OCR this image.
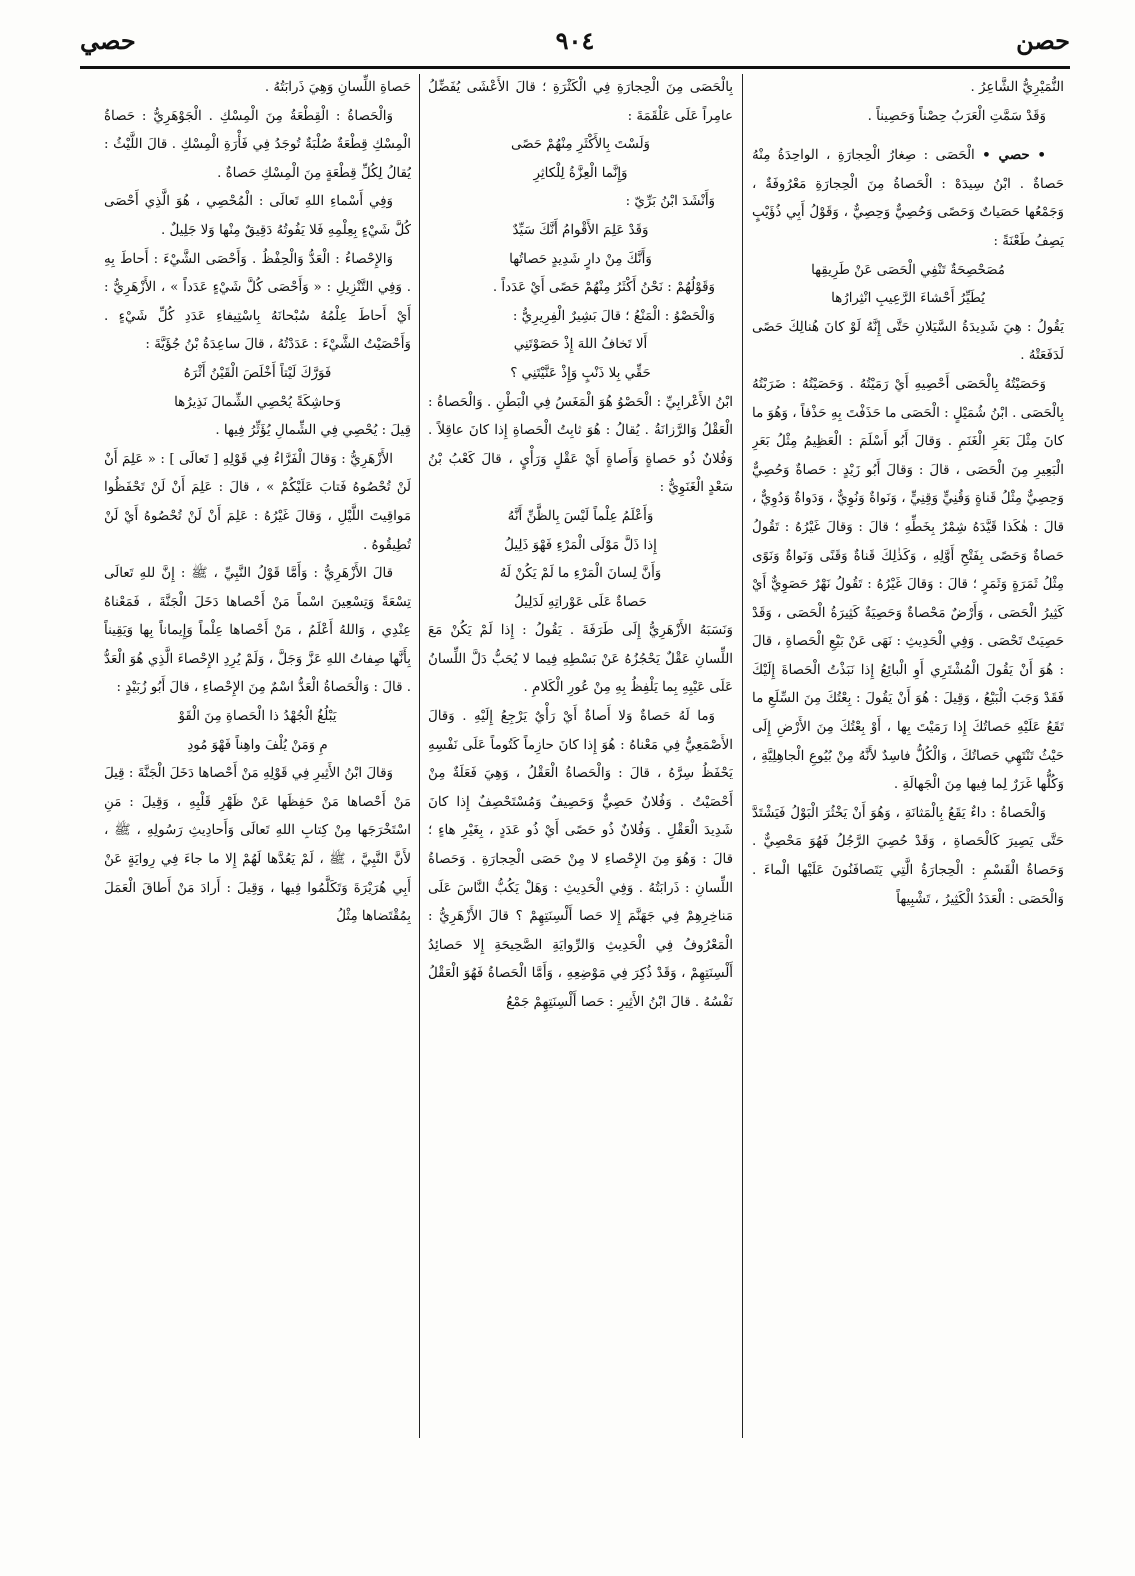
حصن
٩٠٤
حصي

النُّمَيْرِيُّ الشَّاعِرُ .

وَقَدْ سَمَّتِ الْعَرَبُ حِصْناً وَحَصِيناً .

• حصي • الْحَصَى : صِغارُ الْحِجارَةِ ، الواحِدَةُ مِنْهُ حَصاةٌ . ابْنُ سِيدَهْ : الْحَصاةُ مِنَ الْحِجارَةِ مَعْرُوفَةٌ ، وَجَمْعُها حَصَياتٌ وَحَصًى وَحُصِيٌّ وَحِصِيٌّ ، وَقَوْلُ أَبِي ذُؤَيْبٍ يَصِفُ طَعْنَةً :

مُصَحْصِحَةٌ تَنْفِي الْحَصَى عَنْ طَرِيقِها

يُطَيِّرُ أَحْشاءَ الرَّعِيبِ انْثِرارُها

يَقُولُ : هِيَ شَدِيدَةُ السَّيَلانِ حَتَّى إِنَّهُ لَوْ كانَ هُنالِكَ حَصًى لَدَفَعَتْهُ .

وَحَصَيْتُهُ بِالْحَصَى أَحْصِيهِ أَيْ رَمَيْتُهُ . وَحَصَيْتُهُ : ضَرَبْتُهُ بِالْحَصَى . ابْنُ شُمَيْلٍ : الْحَصَى ما حَذَفْتَ بِهِ حَذْفاً ، وَهُوَ ما كانَ مِثْلَ بَعَرِ الْغَنَمِ . وَقالَ أَبُو أَسْلَمَ : الْعَظِيمُ مِثْلُ بَعَرِ الْبَعِيرِ مِنَ الْحَصَى ، قالَ : وَقالَ أَبُو زَيْدٍ : حَصاةٌ وَحُصِيٌّ وَحِصِيٌّ مِثْلُ قَناةٍ وَقُنِيٍّ وَقِنِيٍّ ، وَنَواةٌ وَنُوِيٌّ ، وَدَواةٌ وَدُوِيٌّ ، قالَ : هٰكَذا قَيَّدَهُ شِمْرٌ بِخَطِّهِ ؛ قالَ : وَقالَ غَيْرُهُ : تَقُولُ حَصاةٌ وَحَصًى بِفَتْحِ أَوَّلِهِ ، وَكَذٰلِكَ قَناةٌ وَقَنًى وَنَواةٌ وَنَوًى مِثْلُ ثَمَرَةٍ وَثَمَرٍ ؛ قالَ : وَقالَ غَيْرُهُ : تَقُولُ نَهْرٌ حَصَوِيٌّ أَيْ كَثِيرُ الْحَصَى ، وَأَرْضٌ مَحْصاةٌ وَحَصِيَةٌ كَثِيرَةُ الْحَصَى ، وَقَدْ حَصِيَتْ تَحْصَى . وَفِي الْحَدِيثِ : نَهَى عَنْ بَيْعِ الْحَصاةِ ، قالَ : هُوَ أَنْ يَقُولَ الْمُشْتَرِي أَوِ الْبائِعُ إِذا نَبَذْتُ الْحَصاةَ إِلَيْكَ فَقَدْ وَجَبَ الْبَيْعُ ، وَقِيلَ : هُوَ أَنْ يَقُولَ : بِعْتُكَ مِنَ السِّلَعِ ما تَقَعُ عَلَيْهِ حَصاتُكَ إِذا رَمَيْتَ بِها ، أَوْ بِعْتُكَ مِنَ الأَرْضِ إِلَى حَيْثُ تَنْتَهِي حَصاتُكَ ، وَالْكُلُّ فاسِدٌ لأَنَّهُ مِنْ بُيُوعِ الْجاهِلِيَّةِ ، وَكُلُّها غَرَرٌ لِما فِيها مِنَ الْجَهالَةِ .

وَالْحَصاةُ : داءٌ يَقَعُ بِالْمَثانَةِ ، وَهُوَ أَنْ يَخْثُرَ الْبَوْلُ فَيَشْتَدَّ حَتَّى يَصِيرَ كَالْحَصاةِ ، وَقَدْ حُصِيَ الرَّجُلُ فَهُوَ مَحْصِيٌّ . وَحَصاةُ الْقَسْمِ : الْحِجارَةُ الَّتِي يَتَصافَنُونَ عَلَيْها الْماءَ . وَالْحَصَى : الْعَدَدُ الْكَثِيرُ ، تَشْبِيهاً

بِالْحَصَى مِنَ الْحِجارَةِ فِي الْكَثْرَةِ ؛ قالَ الأَعْشَى يُفَضِّلُ عامِراً عَلَى عَلْقَمَةَ :

وَلَسْتَ بِالأَكْثَرِ مِنْهُمْ حَصًى

وَإِنَّما الْعِزَّةُ لِلْكاثِرِ

وَأَنْشَدَ ابْنُ بَرِّيّ :

وَقَدْ عَلِمَ الأَقْوامُ أَنَّكَ سَيِّدٌ

وَأَنَّكَ مِنْ دارٍ شَدِيدٍ حَصاتُها

وَقَوْلُهُمْ : نَحْنُ أَكْثَرُ مِنْهُمْ حَصًى أَيْ عَدَداً .

وَالْحَصْوُ : الْمَنْعُ ؛ قالَ بَشِيرٌ الْفِرِيرِيُّ :

أَلا تَخافُ اللهَ إِذْ حَصَوْتَنِي

حَقِّي بِلا ذَنْبٍ وَإِذْ عَنَّيْتَنِي ؟

ابْنُ الأَعْرابِيِّ : الْحَصْوُ هُوَ الْمَغَسُ فِي الْبَطْنِ . وَالْحَصاةُ : الْعَقْلُ وَالرَّزانَةُ . يُقالُ : هُوَ ثابِتُ الْحَصاةِ إِذا كانَ عاقِلاً . وَفُلانٌ ذُو حَصاةٍ وَأَصاةٍ أَيْ عَقْلٍ وَرَأْيٍ ، قالَ كَعْبُ بْنُ سَعْدٍ الْغَنَوِيُّ :

وَأَعْلَمُ عِلْماً لَيْسَ بِالظَّنِّ أَنَّهُ

إِذا ذَلَّ مَوْلَى الْمَرْءِ فَهْوَ ذَلِيلُ

وَأَنَّ لِسانَ الْمَرْءِ ما لَمْ يَكُنْ لَهُ

حَصاةٌ عَلَى عَوْراتِهِ لَدَلِيلُ

وَنَسَبَهُ الأَزْهَرِيُّ إِلَى طَرَفَةَ . يَقُولُ : إِذا لَمْ يَكُنْ مَعَ اللِّسانِ عَقْلٌ يَحْجُزُهُ عَنْ بَسْطِهِ فِيما لا يُحَبُّ دَلَّ اللِّسانُ عَلَى عَيْبِهِ بِما يَلْفِظُ بِهِ مِنْ عُورِ الْكَلامِ .

وَما لَهُ حَصاةٌ وَلا أَصاةٌ أَيْ رَأْيٌ يَرْجِعُ إِلَيْهِ . وَقالَ الأَصْمَعِيُّ فِي مَعْناهُ : هُوَ إِذا كانَ حازِماً كَتُوماً عَلَى نَفْسِهِ يَحْفَظُ سِرَّهُ ، قالَ : وَالْحَصاةُ الْعَقْلُ ، وَهِيَ فَعَلَةٌ مِنْ أَحْصَيْتُ . وَفُلانٌ حَصِيٌّ وَحَصِيفٌ وَمُسْتَحْصِفٌ إِذا كانَ شَدِيدَ الْعَقْلِ . وَفُلانٌ ذُو حَصًى أَيْ ذُو عَدَدٍ ، بِغَيْرِ هاءٍ ؛ قالَ : وَهُوَ مِنَ الإِحْصاءِ لا مِنْ حَصَى الْحِجارَةِ . وَحَصاةُ اللِّسانِ : ذَرابَتُهُ . وَفِي الْحَدِيثِ : وَهَلْ يَكُبُّ النَّاسَ عَلَى مَناخِرِهِمْ فِي جَهَنَّمَ إِلا حَصا أَلْسِنَتِهِمْ ؟ قالَ الأَزْهَرِيُّ : الْمَعْرُوفُ فِي الْحَدِيثِ وَالرِّوايَةِ الصَّحِيحَةِ إِلا حَصائِدُ أَلْسِنَتِهِمْ ، وَقَدْ ذُكِرَ فِي مَوْضِعِهِ ، وَأَمَّا الْحَصاةُ فَهُوَ الْعَقْلُ نَفْسُهُ . قالَ ابْنُ الأَثِيرِ : حَصا أَلْسِنَتِهِمْ جَمْعُ

حَصاةِ اللِّسانِ وَهِيَ ذَرابَتُهُ .

وَالْحَصاةُ : الْقِطْعَةُ مِنَ الْمِسْكِ . الْجَوْهَرِيُّ : حَصاةُ الْمِسْكِ قِطْعَةٌ صُلْبَةٌ تُوجَدُ فِي فَأْرَةِ الْمِسْكِ . قالَ اللَّيْثُ : يُقالُ لِكُلِّ قِطْعَةٍ مِنَ الْمِسْكِ حَصاةٌ .

وَفِي أَسْماءِ اللهِ تَعالَى : الْمُحْصِي ، هُوَ الَّذِي أَحْصَى كُلَّ شَيْءٍ بِعِلْمِهِ فَلا يَفُوتُهُ دَقِيقٌ مِنْها وَلا جَلِيلٌ .

وَالإِحْصاءُ : الْعَدُّ وَالْحِفْظُ . وَأَحْصَى الشَّيْءَ : أَحاطَ بِهِ . وَفِي التَّنْزِيلِ : « وَأَحْصَى كُلَّ شَيْءٍ عَدَداً » ، الأَزْهَرِيُّ : أَيْ أَحاطَ عِلْمُهُ سُبْحانَهُ بِاسْتِيفاءِ عَدَدِ كُلِّ شَيْءٍ . وَأَحْصَيْتُ الشَّيْءَ : عَدَدْتُهُ ، قالَ ساعِدَةُ بْنُ جُؤَيَّةَ :

فَوَرَّكَ لَيْتاً أَخْلَصَ الْقَيْنُ أَثْرَهُ

وَحاشِكَةً يُحْصِي الشِّمالَ نَذِيرُها

قِيلَ : يُحْصِي فِي الشِّمالِ يُؤَثِّرُ فِيها .

الأَزْهَرِيُّ : وَقالَ الْفَرَّاءُ فِي قَوْلِهِ [ تَعالَى ] : « عَلِمَ أَنْ لَنْ تُحْصُوهُ فَتابَ عَلَيْكُمْ » ، قالَ : عَلِمَ أَنْ لَنْ تَحْفَظُوا مَواقِيتَ اللَّيْلِ ، وَقالَ غَيْرُهُ : عَلِمَ أَنْ لَنْ تُحْصُوهُ أَيْ لَنْ تُطِيقُوهُ .

قالَ الأَزْهَرِيُّ : وَأَمَّا قَوْلُ النَّبِيِّ ، ﷺ : إِنَّ للهِ تَعالَى تِسْعَةً وَتِسْعِينَ اسْماً مَنْ أَحْصاها دَخَلَ الْجَنَّةَ ، فَمَعْناهُ عِنْدِي ، وَاللهُ أَعْلَمُ ، مَنْ أَحْصاها عِلْماً وَإِيماناً بِها وَيَقِيناً بِأَنَّها صِفاتُ اللهِ عَزَّ وَجَلَّ ، وَلَمْ يُرِدِ الإِحْصاءَ الَّذِي هُوَ الْعَدُّ . قالَ : وَالْحَصاةُ الْعَدُّ اسْمٌ مِنَ الإِحْصاءِ ، قالَ أَبُو زُبَيْدٍ :

يَبْلُغُ الْجُهْدُ ذا الْحَصاةِ مِنَ الْقَوْ

مِ وَمَنْ يُلْفَ واهِناً فَهْوَ مُودِ

وَقالَ ابْنُ الأَثِيرِ فِي قَوْلِهِ مَنْ أَحْصاها دَخَلَ الْجَنَّةَ : قِيلَ مَنْ أَحْصاها مَنْ حَفِظَها عَنْ ظَهْرِ قَلْبِهِ ، وَقِيلَ : مَنِ اسْتَخْرَجَها مِنْ كِتابِ اللهِ تَعالَى وَأَحادِيثِ رَسُولِهِ ، ﷺ ، لأَنَّ النَّبِيَّ ، ﷺ ، لَمْ يَعُدَّها لَهُمْ إِلا ما جاءَ فِي رِوايَةٍ عَنْ أَبِي هُرَيْرَةَ وَتَكَلَّمُوا فِيها ، وَقِيلَ : أَرادَ مَنْ أَطاقَ الْعَمَلَ بِمُقْتَضاها مِثْلُ
